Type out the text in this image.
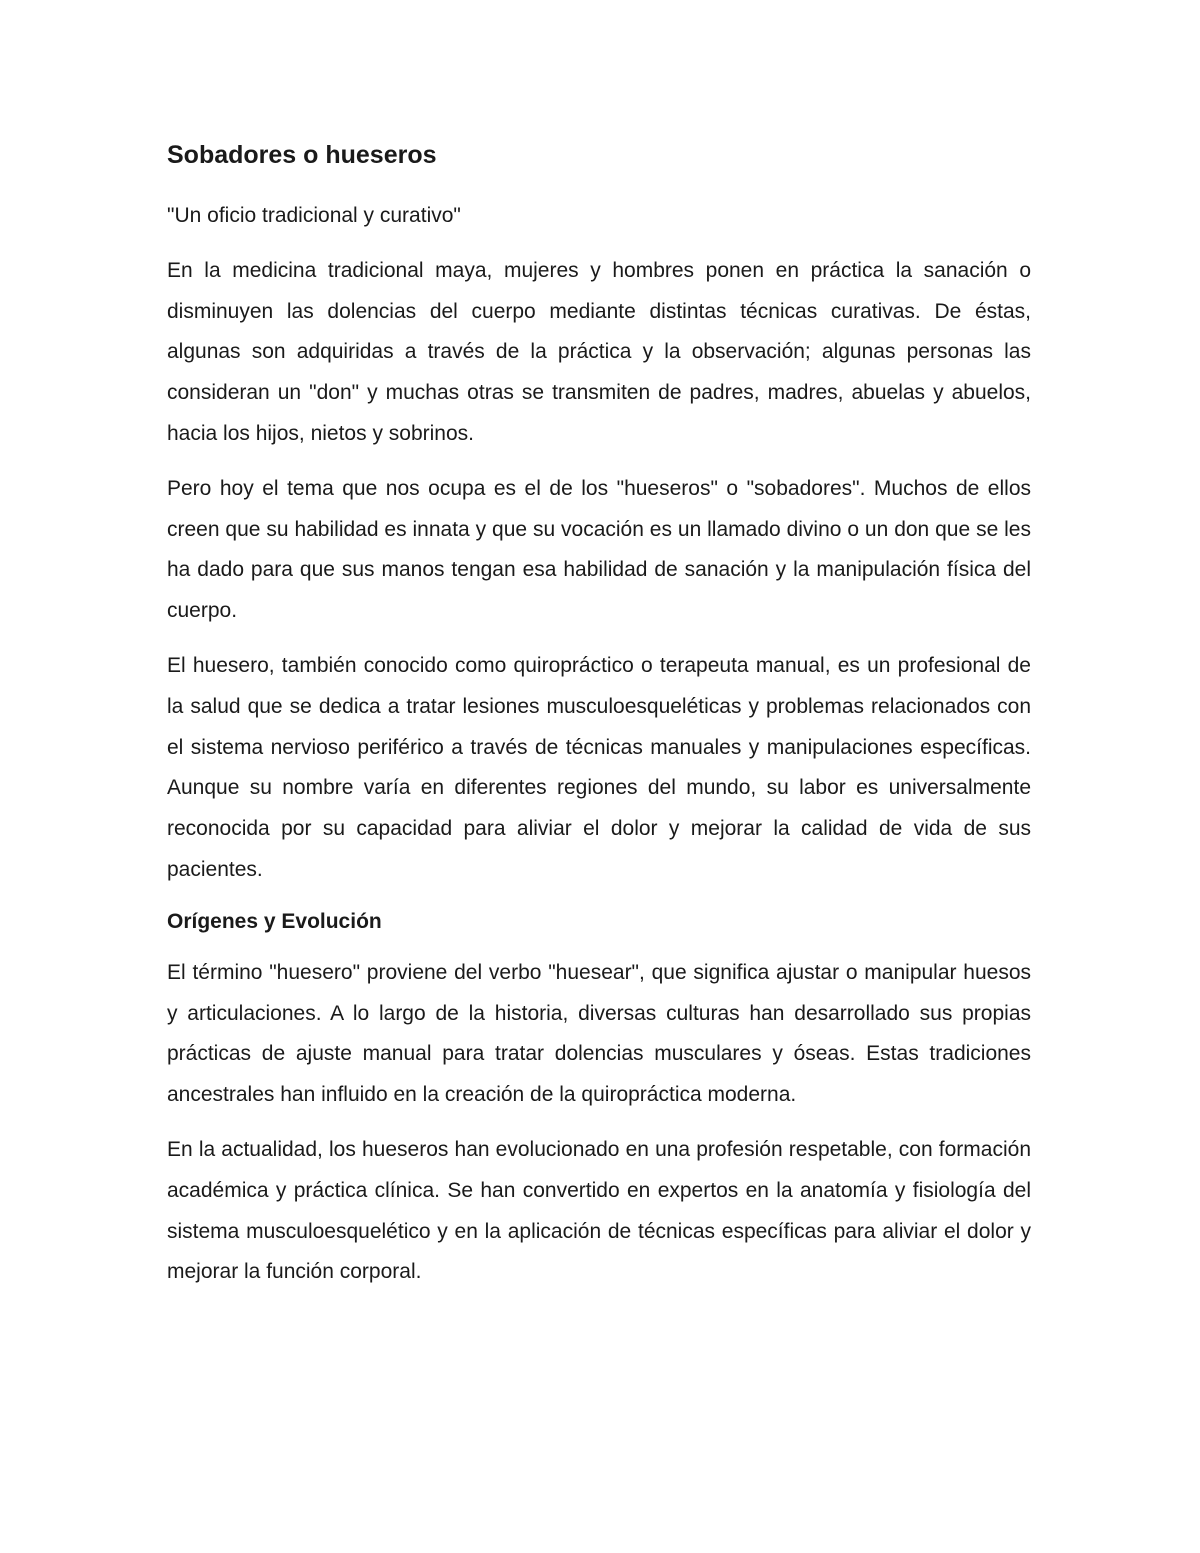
Sobadores o hueseros

"Un oficio tradicional y curativo"

En la medicina tradicional maya, mujeres y hombres ponen en práctica la sanación o disminuyen las dolencias del cuerpo mediante distintas técnicas curativas. De éstas, algunas son adquiridas a través de la práctica y la observación; algunas personas las consideran un "don" y muchas otras se transmiten de padres, madres, abuelas y abuelos, hacia los hijos, nietos y sobrinos.

Pero hoy el tema que nos ocupa es el de los "hueseros" o "sobadores". Muchos de ellos creen que su habilidad es innata y que su vocación es un llamado divino o un don que se les ha dado para que sus manos tengan esa habilidad de sanación y la manipulación física del cuerpo.

El huesero, también conocido como quiropráctico o terapeuta manual, es un profesional de la salud que se dedica a tratar lesiones musculoesqueléticas y problemas relacionados con el sistema nervioso periférico a través de técnicas manuales y manipulaciones específicas. Aunque su nombre varía en diferentes regiones del mundo, su labor es universalmente reconocida por su capacidad para aliviar el dolor y mejorar la calidad de vida de sus pacientes.

Orígenes y Evolución

El término "huesero" proviene del verbo "huesear", que significa ajustar o manipular huesos y articulaciones. A lo largo de la historia, diversas culturas han desarrollado sus propias prácticas de ajuste manual para tratar dolencias musculares y óseas. Estas tradiciones ancestrales han influido en la creación de la quiropráctica moderna.

En la actualidad, los hueseros han evolucionado en una profesión respetable, con formación académica y práctica clínica. Se han convertido en expertos en la anatomía y fisiología del sistema musculoesquelético y en la aplicación de técnicas específicas para aliviar el dolor y mejorar la función corporal.
